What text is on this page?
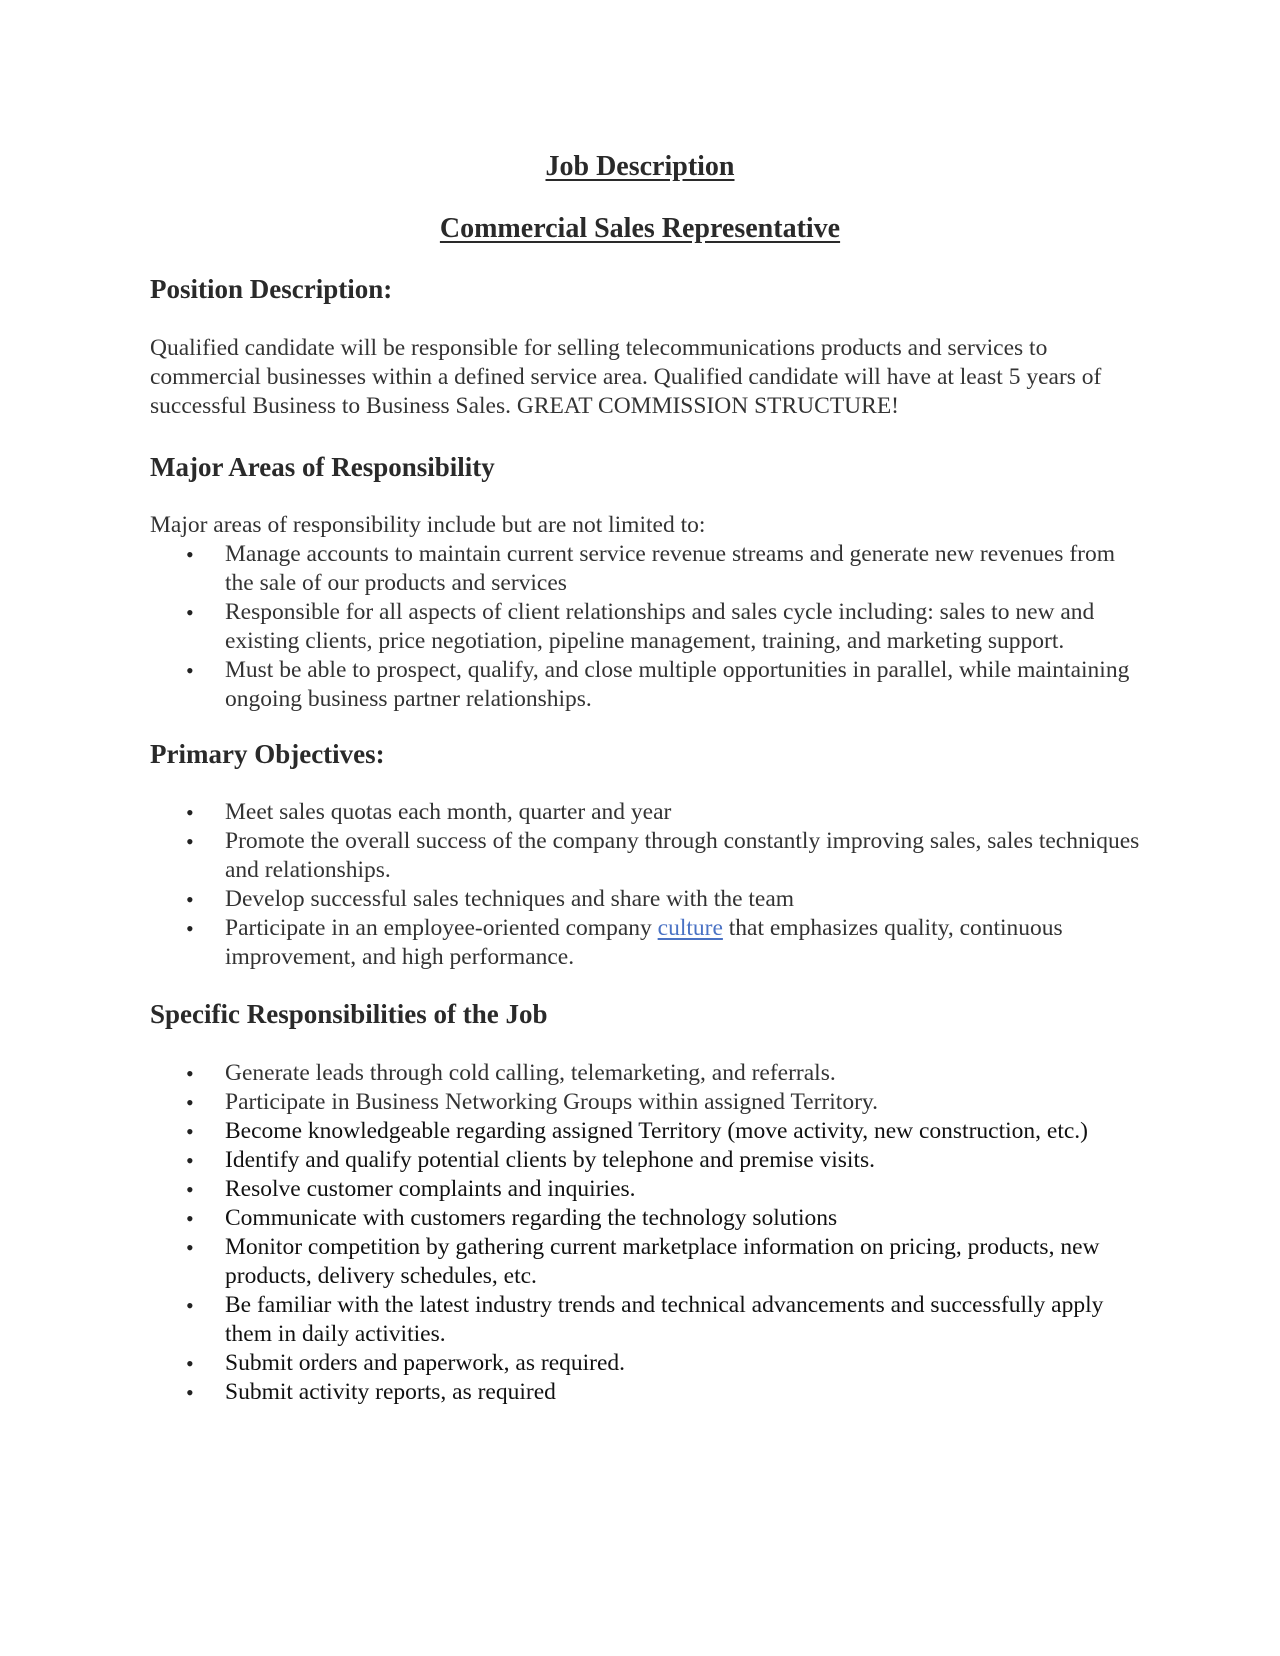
Job Description
Commercial Sales Representative
Position Description:

Qualified candidate will be responsible for selling telecommunications products and services to commercial businesses within a defined service area. Qualified candidate will have at least 5 years of successful Business to Business Sales. GREAT COMMISSION STRUCTURE!

Major Areas of Responsibility

Major areas of responsibility include but are not limited to:

• Manage accounts to maintain current service revenue streams and generate new revenues from the sale of our products and services
• Responsible for all aspects of client relationships and sales cycle including: sales to new and existing clients, price negotiation, pipeline management, training, and marketing support.
• Must be able to prospect, qualify, and close multiple opportunities in parallel, while maintaining ongoing business partner relationships.
Primary Objectives:
• Meet sales quotas each month, quarter and year
• Promote the overall success of the company through constantly improving sales, sales techniques and relationships.
• Develop successful sales techniques and share with the team
• Participate in an employee-oriented company culture that emphasizes quality, continuous improvement, and high performance.
Specific Responsibilities of the Job
• Generate leads through cold calling, telemarketing, and referrals.
• Participate in Business Networking Groups within assigned Territory.
• Become knowledgeable regarding assigned Territory (move activity, new construction, etc.)
• Identify and qualify potential clients by telephone and premise visits.
• Resolve customer complaints and inquiries.
• Communicate with customers regarding the technology solutions
• Monitor competition by gathering current marketplace information on pricing, products, new products, delivery schedules, etc.
• Be familiar with the latest industry trends and technical advancements and successfully apply them in daily activities.
• Submit orders and paperwork, as required.
• Submit activity reports, as required
